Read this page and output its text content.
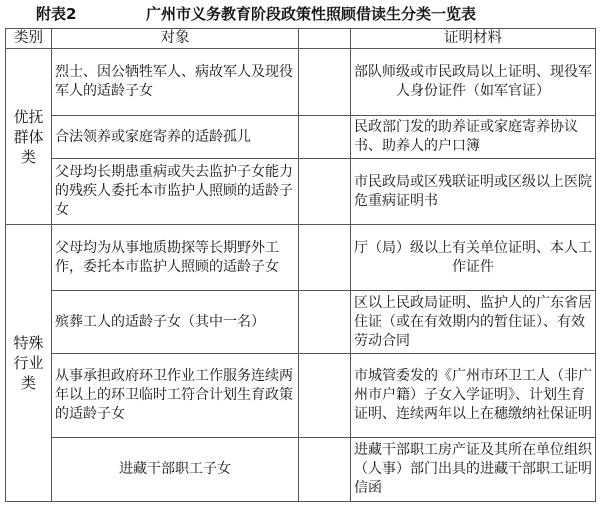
附表2	广州市义务教育阶段政策性照顾借读生分类一览表
类别	对象		证明材料
优抚群体类	烈士、因公牺牲军人、病故军人及现役军人的适龄子女		部队师级或市民政局以上证明、现役军人身份证件（如军官证）
	合法领养或家庭寄养的适龄孤儿		民政部门发的助养证或家庭寄养协议书、助养人的户口簿
	父母均长期患重病或失去监护子女能力的残疾人委托本市监护人照顾的适龄子女		市民政局或区残联证明或区级以上医院危重病证明书
特殊行业类	父母均为从事地质勘探等长期野外工作，委托本市监护人照顾的适龄子女		厅（局）级以上有关单位证明、本人工作证件
	殡葬工人的适龄子女（其中一名）		区以上民政局证明、监护人的广东省居住证（或在有效期内的暂住证）、有效劳动合同
	从事承担政府环卫作业工作服务连续两年以上的环卫临时工符合计划生育政策的适龄子女		市城管委发的《广州市环卫工人（非广州市户籍）子女入学证明》、计划生育证明、连续两年以上在穗缴纳社保证明
	进藏干部职工子女		进藏干部职工房产证及其所在单位组织（人事）部门出具的进藏干部职工证明信函
